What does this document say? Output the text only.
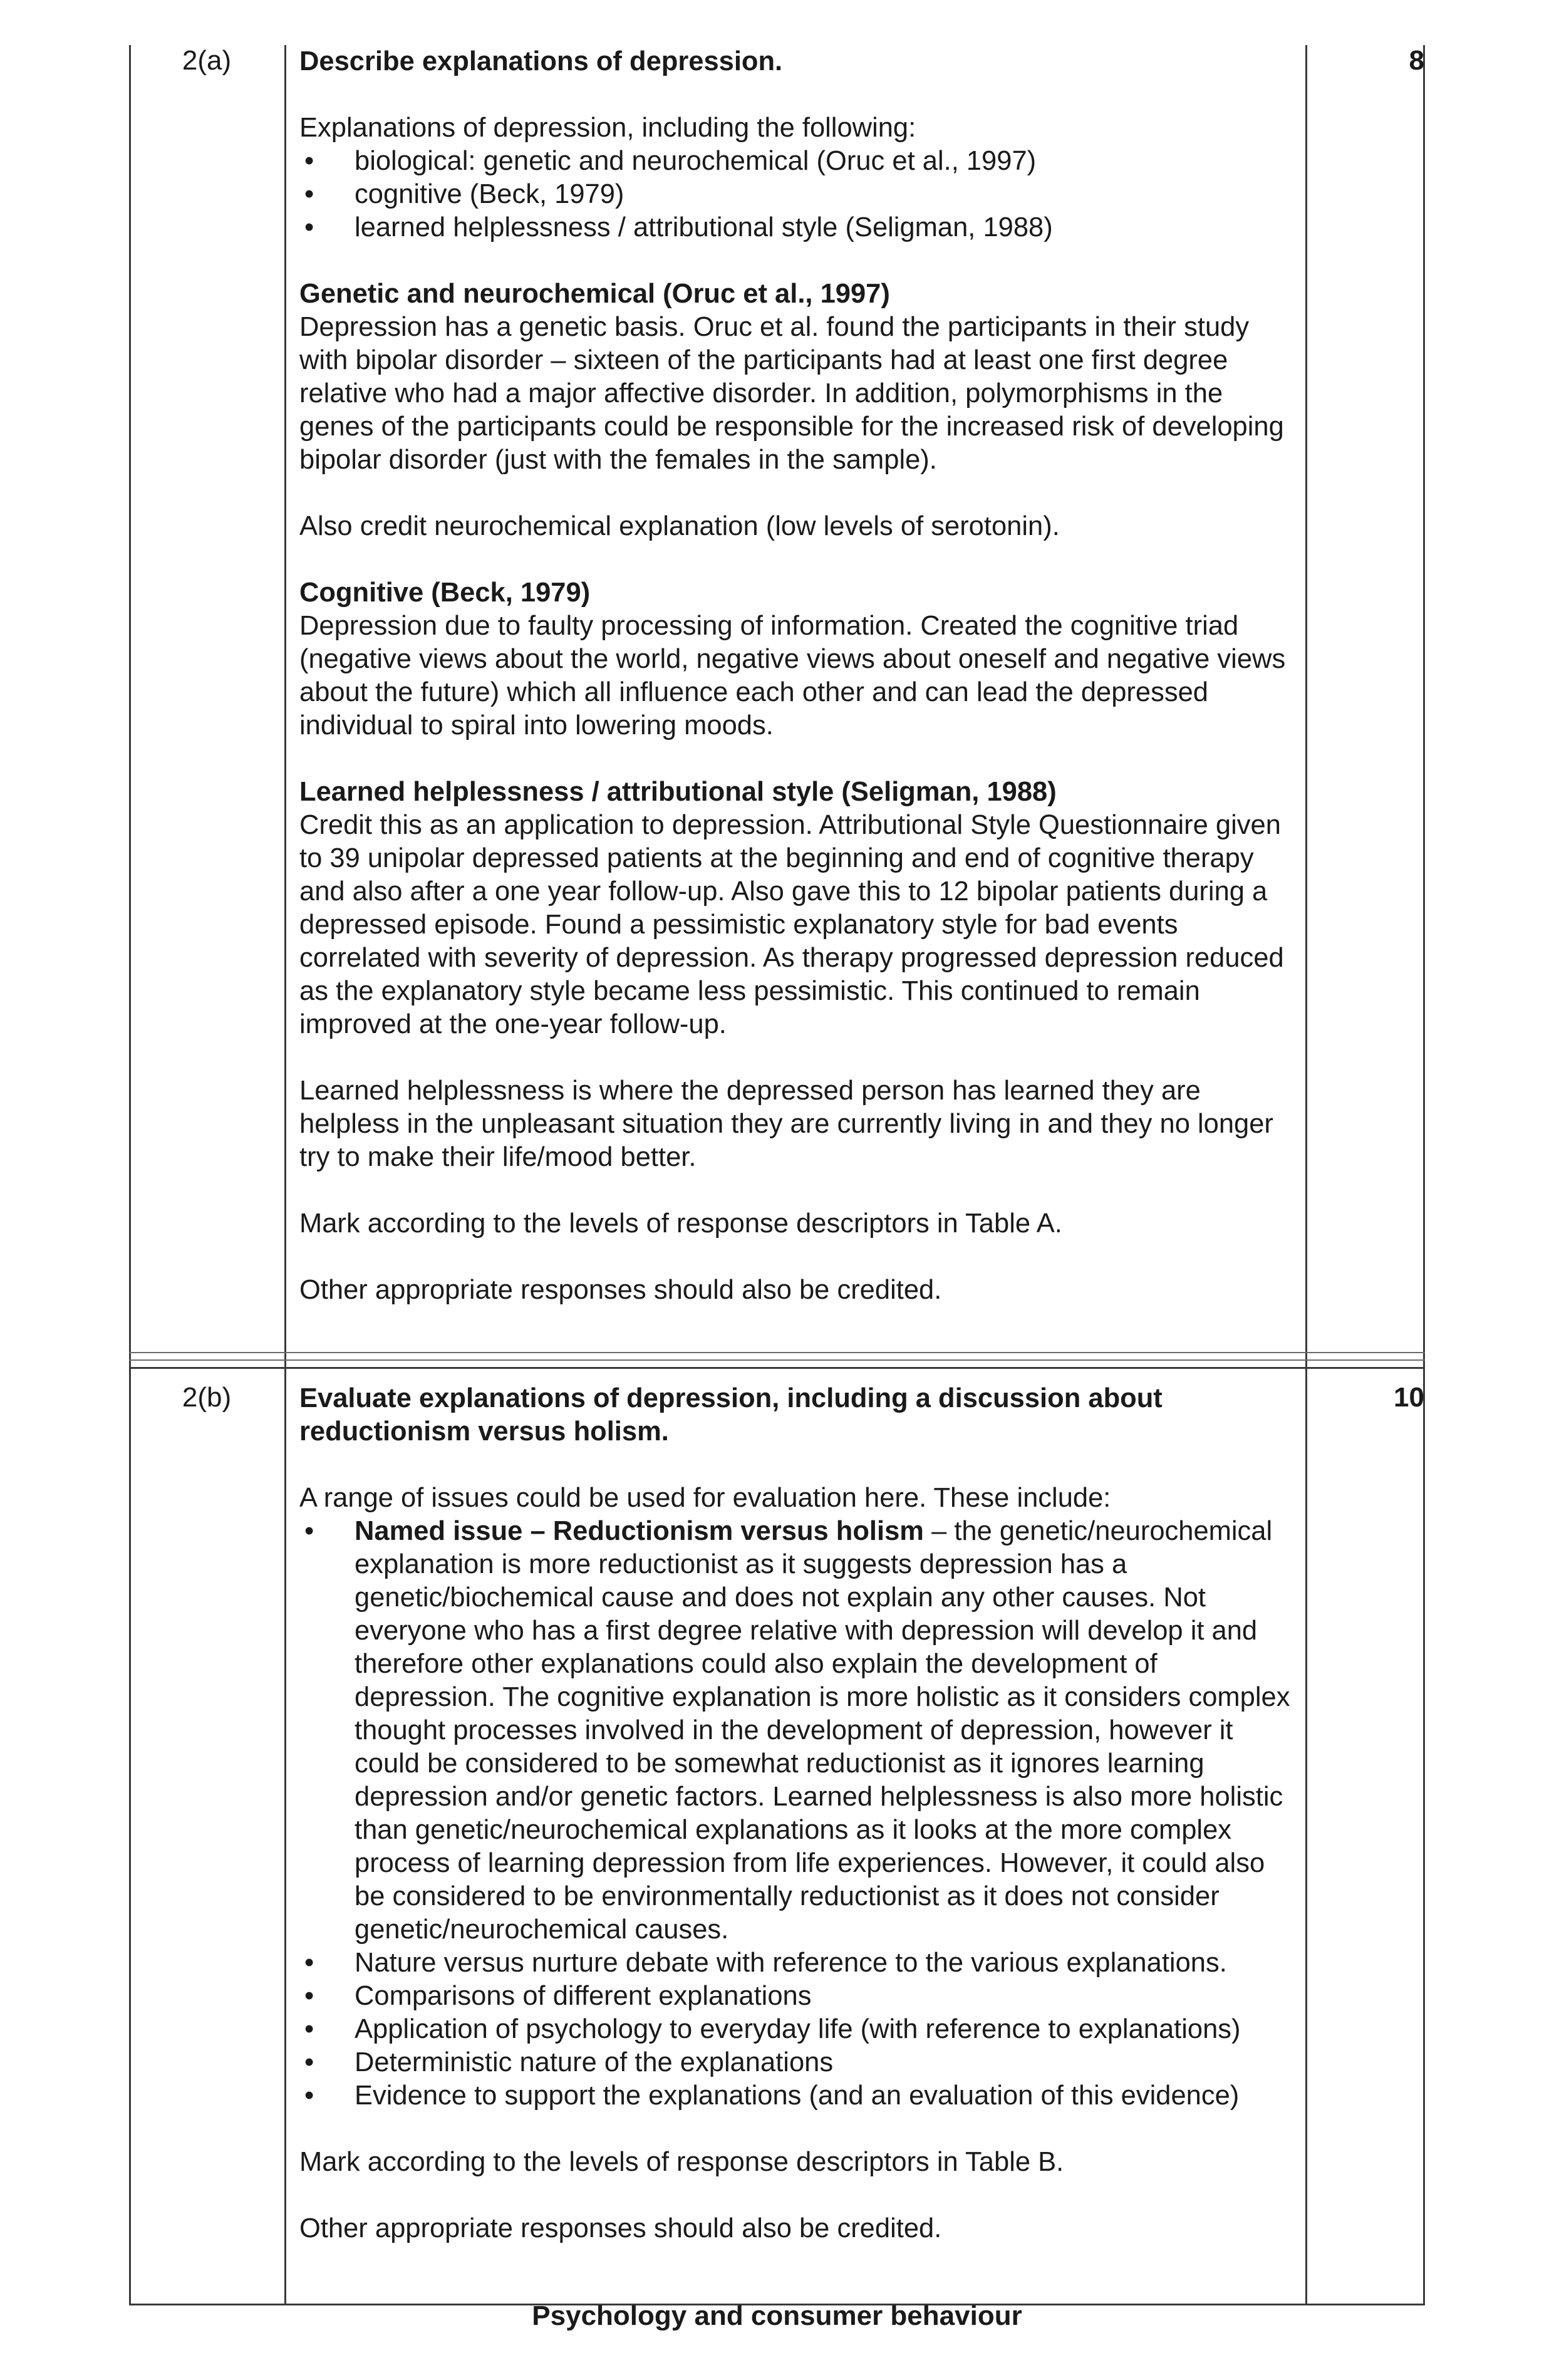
2(a)	8

Describe explanations of depression.

Explanations of depression, including the following:

• biological: genetic and neurochemical (Oruc et al., 1997)
• cognitive (Beck, 1979)
• learned helplessness / attributional style (Seligman, 1988)

Genetic and neurochemical (Oruc et al., 1997)

Depression has a genetic basis. Oruc et al. found the participants in their study with bipolar disorder – sixteen of the participants had at least one first degree relative who had a major affective disorder. In addition, polymorphisms in the genes of the participants could be responsible for the increased risk of developing bipolar disorder (just with the females in the sample).

Also credit neurochemical explanation (low levels of serotonin).

Cognitive (Beck, 1979)

Depression due to faulty processing of information. Created the cognitive triad (negative views about the world, negative views about oneself and negative views about the future) which all influence each other and can lead the depressed individual to spiral into lowering moods.

Learned helplessness / attributional style (Seligman, 1988)

Credit this as an application to depression. Attributional Style Questionnaire given to 39 unipolar depressed patients at the beginning and end of cognitive therapy and also after a one year follow-up. Also gave this to 12 bipolar patients during a depressed episode. Found a pessimistic explanatory style for bad events correlated with severity of depression. As therapy progressed depression reduced as the explanatory style became less pessimistic. This continued to remain improved at the one-year follow-up.

Learned helplessness is where the depressed person has learned they are helpless in the unpleasant situation they are currently living in and they no longer try to make their life/mood better.

Mark according to the levels of response descriptors in Table A.

Other appropriate responses should also be credited.

2(b)	10

Evaluate explanations of depression, including a discussion about reductionism versus holism.

A range of issues could be used for evaluation here. These include:

• Named issue – Reductionism versus holism – the genetic/neurochemical explanation is more reductionist as it suggests depression has a genetic/biochemical cause and does not explain any other causes. Not everyone who has a first degree relative with depression will develop it and therefore other explanations could also explain the development of depression. The cognitive explanation is more holistic as it considers complex thought processes involved in the development of depression, however it could be considered to be somewhat reductionist as it ignores learning depression and/or genetic factors. Learned helplessness is also more holistic than genetic/neurochemical explanations as it looks at the more complex process of learning depression from life experiences. However, it could also be considered to be environmentally reductionist as it does not consider genetic/neurochemical causes.
• Nature versus nurture debate with reference to the various explanations.
• Comparisons of different explanations
• Application of psychology to everyday life (with reference to explanations)
• Deterministic nature of the explanations
• Evidence to support the explanations (and an evaluation of this evidence)

Mark according to the levels of response descriptors in Table B.

Other appropriate responses should also be credited.

Psychology and consumer behaviour
